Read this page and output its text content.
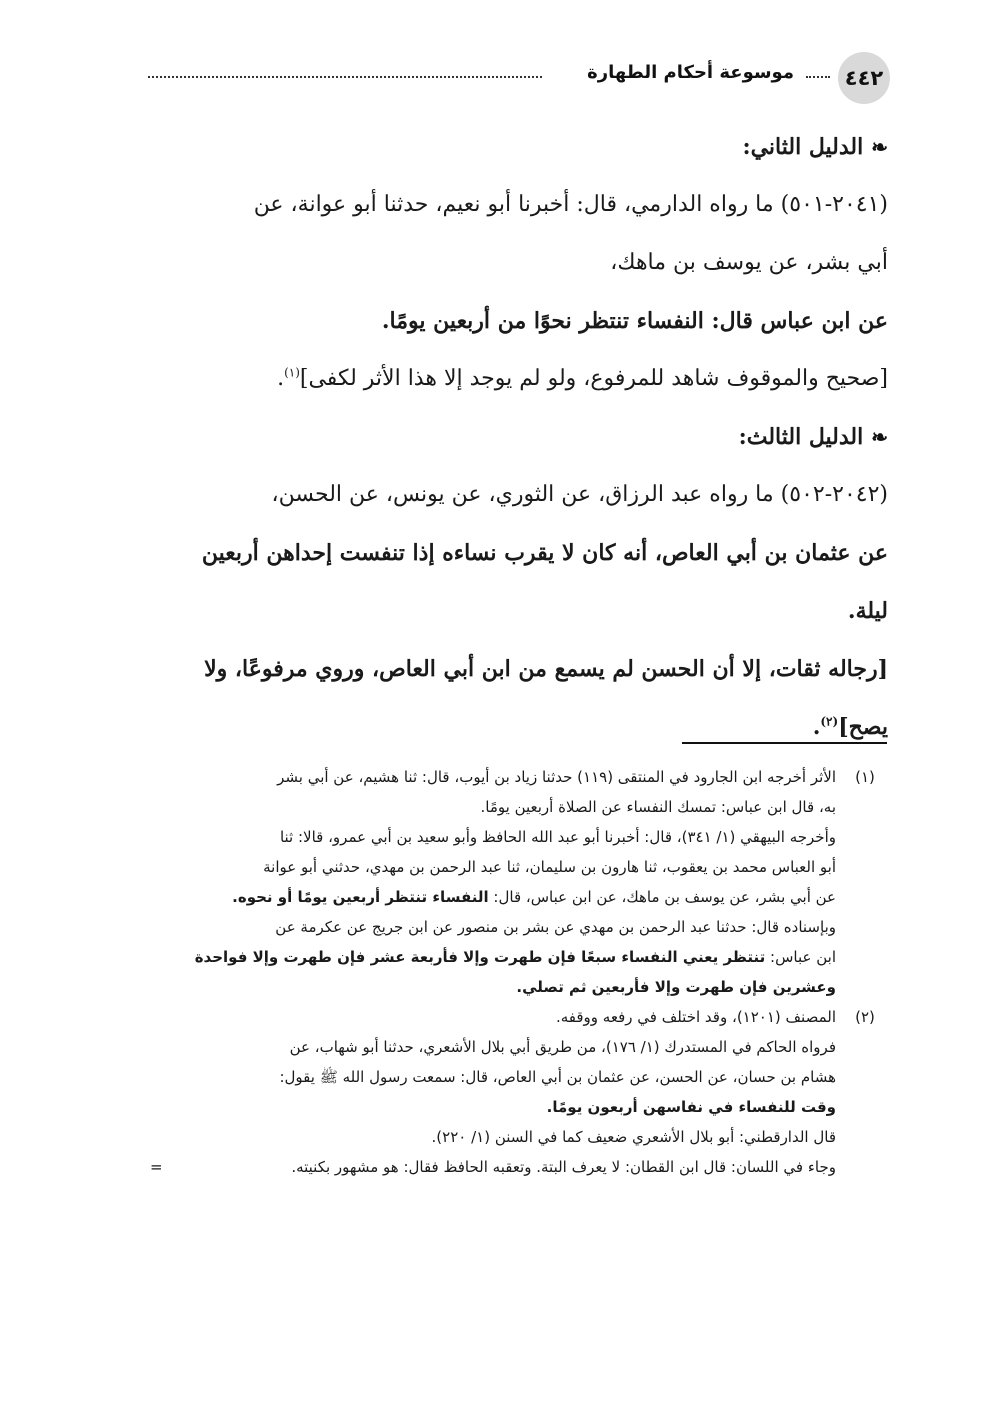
٤٤٢
موسوعة أحكام الطهارة
❧الدليل الثاني:
(٢٠٤١-٥٠١) ما رواه الدارمي، قال: أخبرنا أبو نعيم، حدثنا أبو عوانة، عن
أبي بشر، عن يوسف بن ماهك،
عن ابن عباس قال: النفساء تنتظر نحوًا من أربعين يومًا.
[صحيح والموقوف شاهد للمرفوع، ولو لم يوجد إلا هذا الأثر لكفى]$^{(١)}$.
❧الدليل الثالث:
(٢٠٤٢-٥٠٢) ما رواه عبد الرزاق، عن الثوري، عن يونس، عن الحسن،
عن عثمان بن أبي العاص، أنه كان لا يقرب نساءه إذا تنفست إحداهن أربعين
ليلة.
[رجاله ثقات، إلا أن الحسن لم يسمع من ابن أبي العاص، وروي مرفوعًا، ولا
يصح]$^{(٢)}$.
(١)
الأثر أخرجه ابن الجارود في المنتقى (١١٩) حدثنا زياد بن أيوب، قال: ثنا هشيم، عن أبي بشر
به، قال ابن عباس: تمسك النفساء عن الصلاة أربعين يومًا.
وأخرجه البيهقي (١/ ٣٤١)، قال: أخبرنا أبو عبد الله الحافظ وأبو سعيد بن أبي عمرو، قالا: ثنا
أبو العباس محمد بن يعقوب، ثنا هارون بن سليمان، ثنا عبد الرحمن بن مهدي، حدثني أبو عوانة
عن أبي بشر، عن يوسف بن ماهك، عن ابن عباس، قال: النفساء تنتظر أربعين يومًا أو نحوه.
وبإسناده قال: حدثنا عبد الرحمن بن مهدي عن بشر بن منصور عن ابن جريج عن عكرمة عن
ابن عباس: تنتظر يعني النفساء سبعًا فإن طهرت وإلا فأربعة عشر فإن طهرت وإلا فواحدة
وعشرين فإن طهرت وإلا فأربعين ثم تصلي.
(٢)
المصنف (١٢٠١)، وقد اختلف في رفعه ووقفه.
فرواه الحاكم في المستدرك (١/ ١٧٦)، من طريق أبي بلال الأشعري، حدثنا أبو شهاب، عن
هشام بن حسان، عن الحسن، عن عثمان بن أبي العاص، قال: سمعت رسول الله ﷺ يقول:
وقت للنفساء في نفاسهن أربعون يومًا.
قال الدارقطني: أبو بلال الأشعري ضعيف كما في السنن (١/ ٢٢٠).
وجاء في اللسان: قال ابن القطان: لا يعرف البتة. وتعقبه الحافظ فقال: هو مشهور بكنيته.
=
